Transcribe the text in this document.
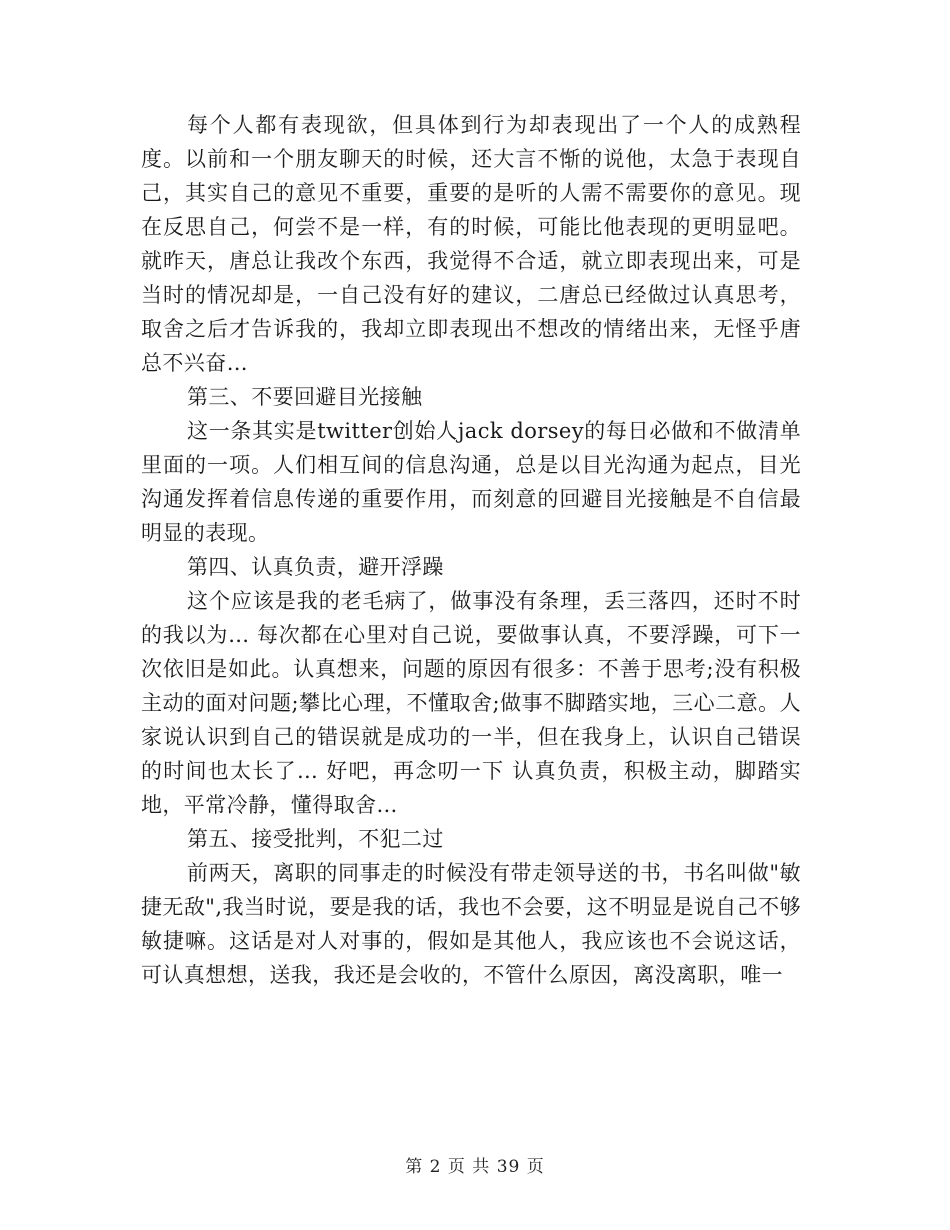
每个人都有表现欲，但具体到行为却表现出了一个人的成熟程度。以前和一个朋友聊天的时候，还大言不惭的说他，太急于表现自己，其实自己的意见不重要，重要的是听的人需不需要你的意见。现在反思自己，何尝不是一样，有的时候，可能比他表现的更明显吧。就昨天，唐总让我改个东西，我觉得不合适，就立即表现出来，可是当时的情况却是，一自己没有好的建议，二唐总已经做过认真思考，取舍之后才告诉我的，我却立即表现出不想改的情绪出来，无怪乎唐总不兴奋…

第三、不要回避目光接触

这一条其实是twitter创始人jack dorsey的每日必做和不做清单里面的一项。人们相互间的信息沟通，总是以目光沟通为起点，目光沟通发挥着信息传递的重要作用，而刻意的回避目光接触是不自信最明显的表现。

第四、认真负责，避开浮躁

这个应该是我的老毛病了，做事没有条理，丢三落四，还时不时的我以为… 每次都在心里对自己说，要做事认真，不要浮躁，可下一次依旧是如此。认真想来，问题的原因有很多：不善于思考;没有积极主动的面对问题;攀比心理，不懂取舍;做事不脚踏实地，三心二意。人家说认识到自己的错误就是成功的一半，但在我身上，认识自己错误的时间也太长了… 好吧，再念叨一下 认真负责，积极主动，脚踏实地，平常冷静，懂得取舍…

第五、接受批判，不犯二过

前两天，离职的同事走的时候没有带走领导送的书，书名叫做"敏捷无敌",我当时说，要是我的话，我也不会要，这不明显是说自己不够敏捷嘛。这话是对人对事的，假如是其他人，我应该也不会说这话，可认真想想，送我，我还是会收的，不管什么原因，离没离职，唯一

第 2 页 共 39 页
